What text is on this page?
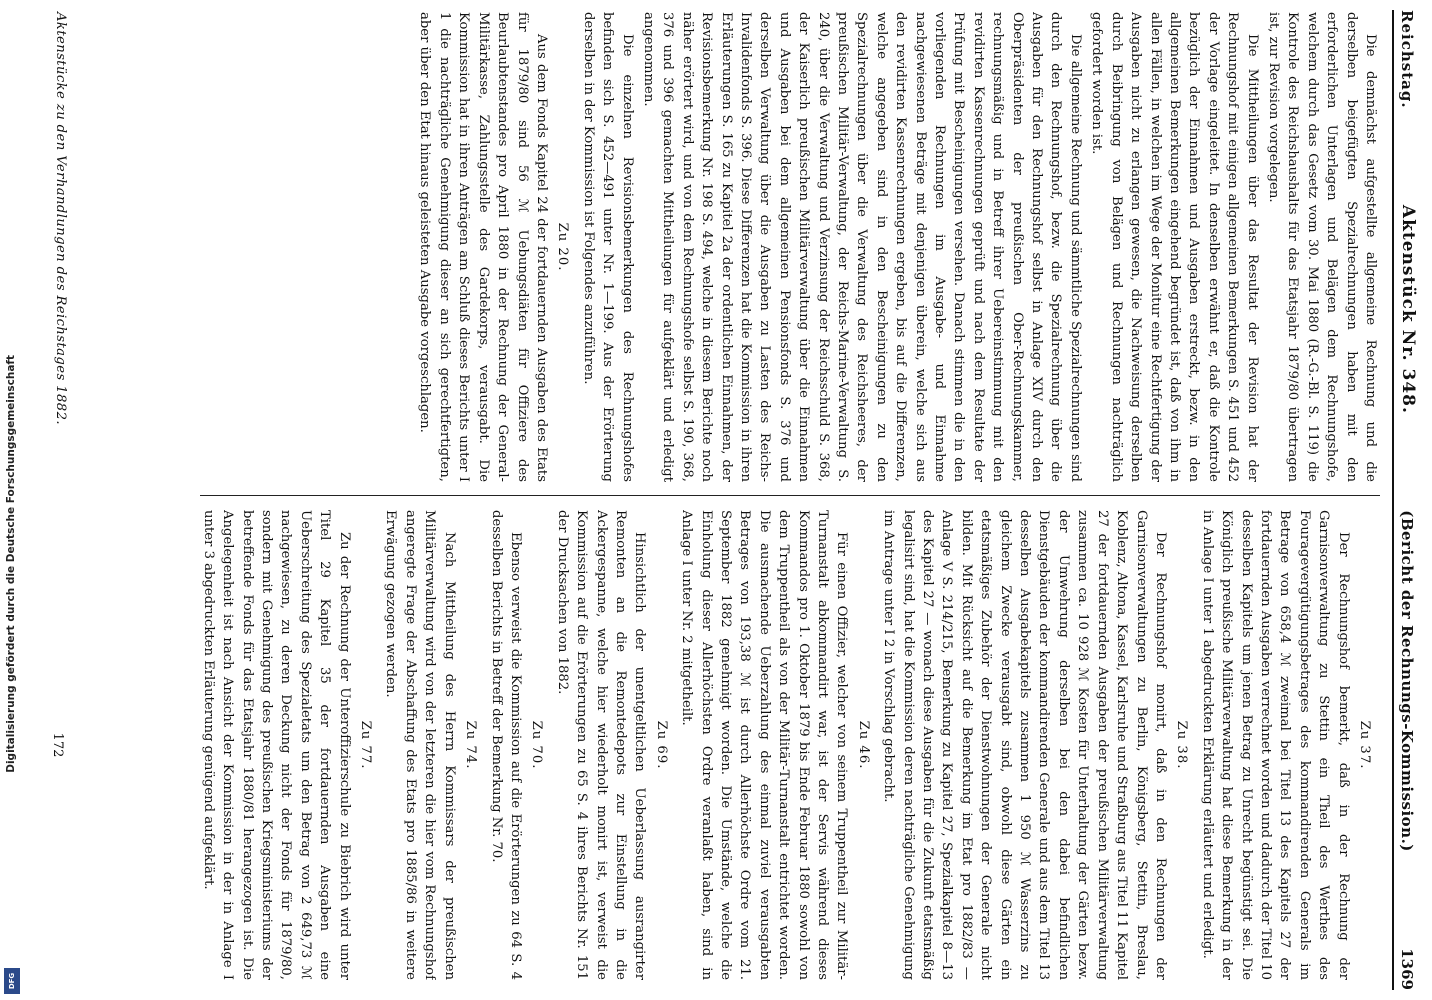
Digitalisierung gefördert durch die Deutsche Forschungsgemeinschaft
DFG
Reichstag.
Aktenstück Nr. 348.
(Bericht der Rechnungs-Kommission.)
1369

Die demnächst aufgestellte allgemeine Rechnung und die derselben beigefügten Spezialrechnungen haben mit den erforderlichen Unterlagen und Belägen dem Rechnungshofe, welchem durch das Gesetz vom 30. Mai 1880 (R.-G.-Bl. S. 119) die Kontrole des Reichshaushalts für das Etatsjahr 1879/80 übertragen ist, zur Revision vorgelegen.

Die Mittheilungen über das Resultat der Revision hat der Rechnungshof mit einigen allgemeinen Bemerkungen S. 451 und 452 der Vorlage eingeleitet. In denselben erwähnt er, daß die Kontrole bezüglich der Einnahmen und Ausgaben erstreckt, bezw. in den allgemeinen Bemerkungen eingehend begründet ist, daß von ihm in allen Fällen, in welchen im Wege der Monitur eine Rechtfertigung der Ausgaben nicht zu erlangen gewesen, die Nachweisung derselben durch Beibringung von Belägen und Rechnungen nachträglich gefordert worden ist.

Die allgemeine Rechnung und sämmtliche Spezialrechnungen sind durch den Rechnungshof, bezw. die Spezialrechnung über die Ausgaben für den Rechnungshof selbst in Anlage XIV durch den Oberpräsidenten der preußischen Ober-Rechnungskammer, rechnungsmäßig und in Betreff ihrer Uebereinstimmung mit den revidirten Kassenrechnungen geprüft und nach dem Resultate der Prüfung mit Bescheinigungen versehen. Danach stimmen die in den vorliegenden Rechnungen im Ausgabe- und Einnahme nachgewiesenen Beträge mit denjenigen überein, welche sich aus den revidirten Kassenrechnungen ergeben, bis auf die Differenzen, welche angegeben sind in den Bescheinigungen zu den Spezialrechnungen über die Verwaltung des Reichsheeres, der preußischen Militär-Verwaltung, der Reichs-Marine-Verwaltung S. 240, über die Verwaltung und Verzinsung der Reichsschuld S. 368, der Kaiserlich preußischen Militärverwaltung über die Einnahmen und Ausgaben bei dem allgemeinen Pensionsfonds S. 376 und derselben Verwaltung über die Ausgaben zu Lasten des Reichs-Invalidenfonds S. 396. Diese Differenzen hat die Kommission in ihren Erläuterungen S. 165 zu Kapitel 2a der ordentlichen Einnahmen, der Revisionsbemerkung Nr. 198 S. 494, welche in diesem Berichte noch näher erörtert wird, und von dem Rechnungshofe selbst S. 190, 368, 376 und 396 gemachten Mittheilungen für aufgeklärt und erledigt angenommen.

Die einzelnen Revisionsbemerkungen des Rechnungshofes befinden sich S. 452—491 unter Nr. 1—199. Aus der Erörterung derselben in der Kommission ist Folgendes anzuführen.

Zu 20.

Aus dem Fonds Kapitel 24 der fortdauernden Ausgaben des Etats für 1879/80 sind 56 ℳ Uebungsdiäten für Offiziere des Beurlaubtenstandes pro April 1880 in der Rechnung der General-Militärkasse, Zahlungsstelle des Gardekorps, verausgabt. Die Kommission hat in ihren Anträgen am Schluß dieses Berichts unter I 1 die nachträgliche Genehmigung dieser an sich gerechtfertigten, aber über den Etat hinaus geleisteten Ausgabe vorgeschlagen.

Zu 37.

Der Rechnungshof bemerkt, daß in der Rechnung der Garnisonverwaltung zu Stettin ein Theil des Werthes des Fouragevergütigungsbetrages des kommandirenden Generals im Betrage von 658,4 ℳ zweimal bei Titel 13 des Kapitels 27 der fortdauernden Ausgaben verrechnet worden und dadurch der Titel 10 desselben Kapitels um jenen Betrag zu Unrecht begünstigt sei. Die Königlich preußische Militärverwaltung hat diese Bemerkung in der in Anlage I unter 1 abgedruckten Erklärung erläutert und erledigt.

Zu 38.

Der Rechnungshof monirt, daß in den Rechnungen der Garnisonverwaltungen zu Berlin, Königsberg, Stettin, Breslau, Koblenz, Altona, Kassel, Karlsruhe und Straßburg aus Titel 11 Kapitel 27 der fortdauernden Ausgaben der preußischen Militärverwaltung zusammen ca. 10 928 ℳ Kosten für Unterhaltung der Gärten bezw. der Umwehrung derselben bei den dabei befindlichen Dienstgebäuden der kommandirenden Generale und aus dem Titel 13 desselben Ausgabekapitels zusammen 1 950 ℳ Wasserzins zu gleichem Zwecke verausgabt sind, obwohl diese Gärten ein etatsmäßiges Zubehör der Dienstwohnungen der Generale nicht bilden. Mit Rücksicht auf die Bemerkung im Etat pro 1882/83 — Anlage V S. 214/215, Bemerkung zu Kapitel 27, Spezialkapitel 8—13 des Kapitel 27 — wonach diese Ausgaben für die Zukunft etatsmäßig legalisirt sind, hat die Kommission deren nachträgliche Genehmigung im Antrage unter I 2 in Vorschlag gebracht.

Zu 46.

Für einen Offizier, welcher von seinem Truppentheil zur Militär-Turnanstalt abkommandirt war, ist der Servis während dieses Kommandos pro 1. Oktober 1879 bis Ende Februar 1880 sowohl von dem Truppentheil als von der Militär-Turnanstalt entrichtet worden. Die ausmachende Ueberzahlung des einmal zuviel verausgabten Betrages von 193,38 ℳ ist durch Allerhöchste Ordre vom 21. September 1882 genehmigt worden. Die Umstände, welche die Einholung dieser Allerhöchsten Ordre veranlaßt haben, sind in Anlage I unter Nr. 2 mitgetheilt.

Zu 69.

Hinsichtlich der unentgeltlichen Ueberlassung ausrangirter Remonten an die Remontedepots zur Einstellung in die Ackergespanne, welche hier wiederholt monirt ist, verweist die Kommission auf die Erörterungen zu 65 S. 4 ihres Berichts Nr. 151 der Drucksachen von 1882.

Zu 70.

Ebenso verweist die Kommission auf die Erörterungen zu 64 S. 4 desselben Berichts in Betreff der Bemerkung Nr. 70.

Zu 74.

Nach Mittheilung des Herrn Kommissars der preußischen Militärverwaltung wird von der letzteren die hier vom Rechnungshof angeregte Frage der Abschaffung des Etats pro 1885/86 in weitere Erwägung gezogen werden.

Zu 77.

Zu der Rechnung der Unteroffizierschule zu Biebrich wird unter Titel 29 Kapitel 35 der fortdauernden Ausgaben eine Ueberschreitung des Spezialetats um den Betrag von 2 649,73 ℳ nachgewiesen, zu deren Deckung nicht der Fonds für 1879/80, sondern mit Genehmigung des preußischen Kriegsministeriums der betreffende Fonds für das Etatsjahr 1880/81 herangezogen ist. Die Angelegenheit ist nach Ansicht der Kommission in der in Anlage I unter 3 abgedruckten Erläuterung genügend aufgeklärt.

Aktenstücke zu den Verhandlungen des Reichstages 1882.
172
